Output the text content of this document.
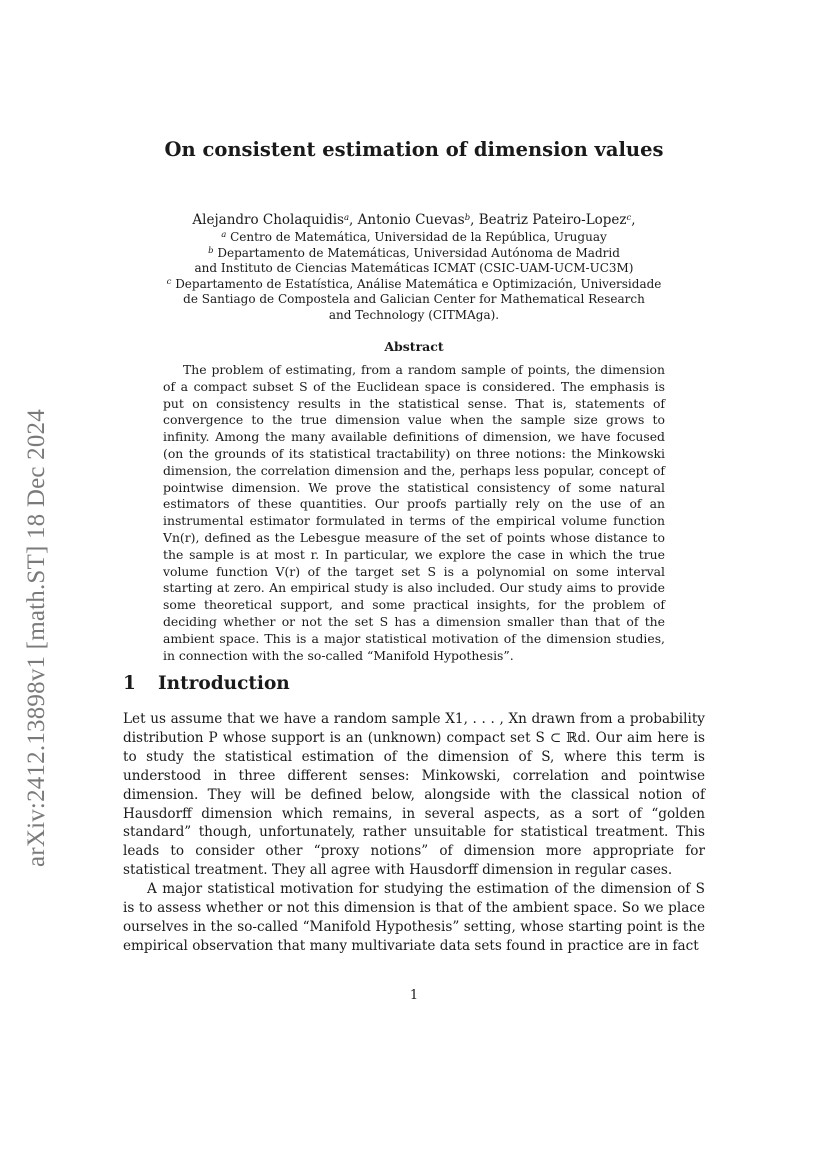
arXiv:2412.13898v1 [math.ST] 18 Dec 2024
On consistent estimation of dimension values
Alejandro Cholaquidis$^a$, Antonio Cuevas$^b$, Beatriz Pateiro-Lopez$^c$,
$^a$ Centro de Matemática, Universidad de la República, Uruguay
$^b$ Departamento de Matemáticas, Universidad Autónoma de Madrid
and Instituto de Ciencias Matemáticas ICMAT (CSIC-UAM-UCM-UC3M)
$^c$ Departamento de Estatística, Análise Matemática e Optimización, Universidade
de Santiago de Compostela and Galician Center for Mathematical Research
and Technology (CITMAga).
Abstract
The problem of estimating, from a random sample of points, the dimension of a compact subset S of the Euclidean space is considered. The emphasis is put on consistency results in the statistical sense. That is, statements of convergence to the true dimension value when the sample size grows to infinity. Among the many available definitions of dimension, we have focused (on the grounds of its statistical tractability) on three notions: the Minkowski dimension, the correlation dimension and the, perhaps less popular, concept of pointwise dimension. We prove the statistical consistency of some natural estimators of these quantities. Our proofs partially rely on the use of an instrumental estimator formulated in terms of the empirical volume function Vn(r), defined as the Lebesgue measure of the set of points whose distance to the sample is at most r. In particular, we explore the case in which the true volume function V(r) of the target set S is a polynomial on some interval starting at zero. An empirical study is also included. Our study aims to provide some theoretical support, and some practical insights, for the problem of deciding whether or not the set S has a dimension smaller than that of the ambient space. This is a major statistical motivation of the dimension studies, in connection with the so-called “Manifold Hypothesis”.
1 Introduction

Let us assume that we have a random sample X1, . . . , Xn drawn from a probability distribution P whose support is an (unknown) compact set S ⊂ ℝd. Our aim here is to study the statistical estimation of the dimension of S, where this term is understood in three different senses: Minkowski, correlation and pointwise dimension. They will be defined below, alongside with the classical notion of Hausdorff dimension which remains, in several aspects, as a sort of “golden standard” though, unfortunately, rather unsuitable for statistical treatment. This leads to consider other “proxy notions” of dimension more appropriate for statistical treatment. They all agree with Hausdorff dimension in regular cases.

A major statistical motivation for studying the estimation of the dimension of S is to assess whether or not this dimension is that of the ambient space. So we place ourselves in the so-called “Manifold Hypothesis” setting, whose starting point is the empirical observation that many multivariate data sets found in practice are in fact

1
